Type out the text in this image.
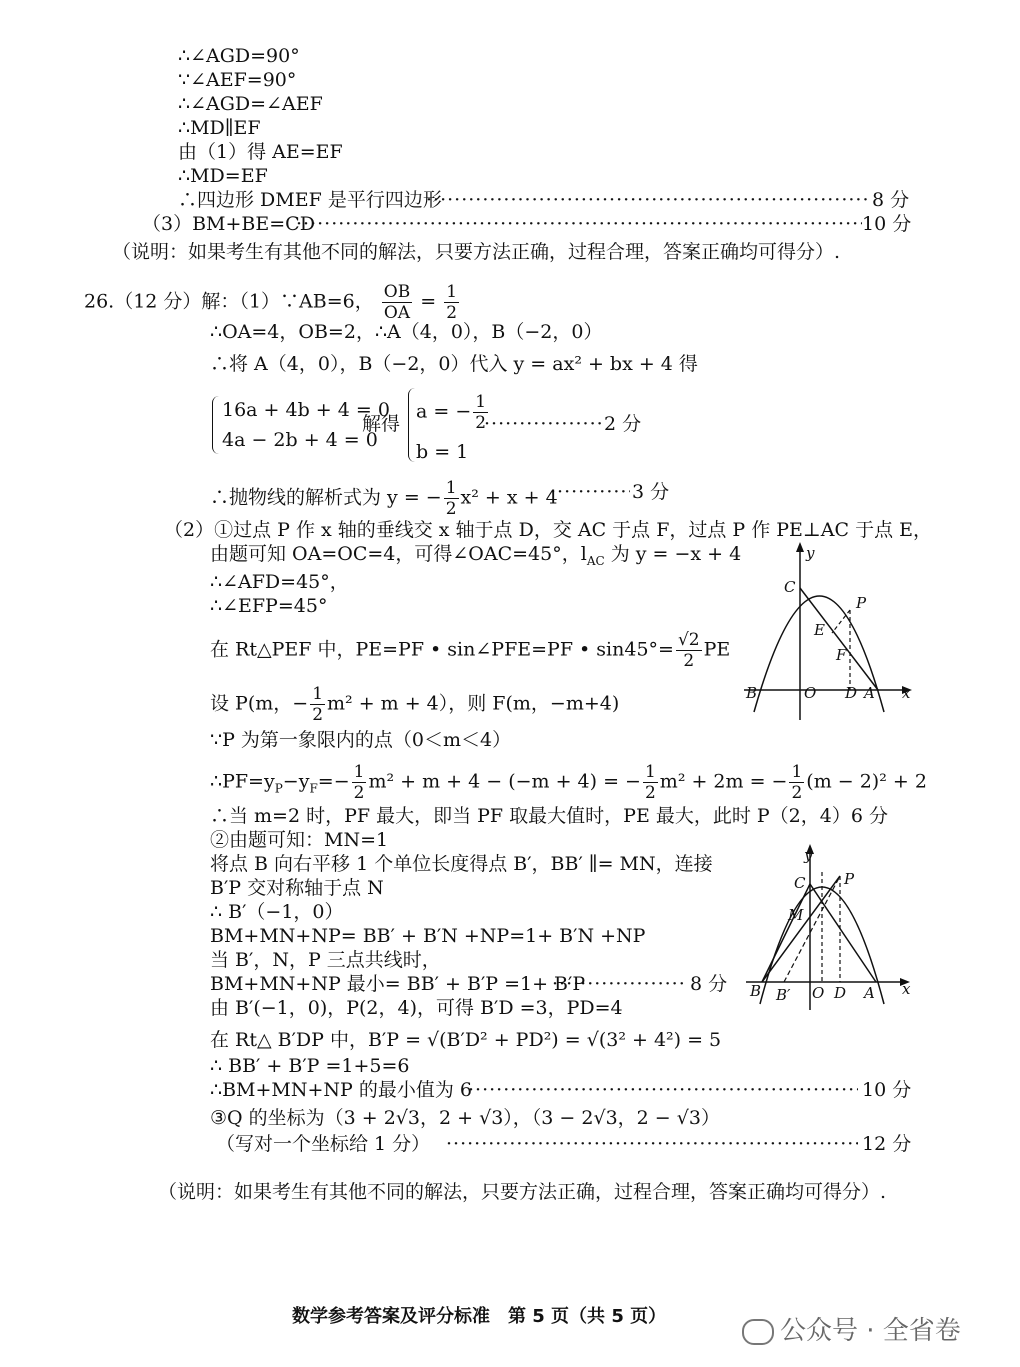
∴∠AGD=90°
∵∠AEF=90°
∴∠AGD=∠AEF
∴MD∥EF
由（1）得 AE=EF
∴MD=EF
∴四边形 DMEF 是平行四边形 ·····	8 分
（3）BM+BE=CD ·····	10 分
（说明：如果考生有其他不同的解法，只要方法正确，过程合理，答案正确均可得分）.
26.（12 分）解：（1）∵AB=6， $\frac{OB}{OA} = \frac{1}{2}$
∴OA=4，OB=2，∴A（4，0），B（−2，0）
∴将 A（4，0），B（−2，0）代入 y = ax² + bx + 4 得
16a + 4b + 4 = 0
4a − 2b + 4 = 0
解得
a = − $\frac{1}{2}$ ·····	2 分
b = 1
∴抛物线的解析式为 y = − $\frac{1}{2} x^2 + x + 4$ ·····	3 分
（2）①过点 P 作 x 轴的垂线交 x 轴于点 D，交 AC 于点 F，过点 P 作 PE⊥AC 于点 E，
由题可知 OA=OC=4，可得∠OAC=45°，$l_{AC}$ 为 y = −x + 4
∴∠AFD=45°，
∴∠EFP=45°
在 Rt△PEF 中，PE=PF • sin∠PFE=PF • $\sin 45^\circ= \frac{√2}{2}$ PE
设 P(m，− $\frac{1}{2} m^2 + m + 4$），则 F(m，−m+4)
∵P 为第一象限内的点（0＜m＜4）
$\therefore PF=y_P-y_F=- \frac{1}{2} m^2 + m + 4 - (-m + 4)$ = − $\frac{1}{2} m^2 + 2m$ = − $\frac{1}{2} (m - 2)^2 + 2$
∴当 m=2 时，PF 最大，即当 PF 取最大值时，PE 最大，此时 P（2，4）6 分
②由题可知：MN=1
将点 B 向右平移 1 个单位长度得点 B′，BB′ ∥= MN，连接
B′P 交对称轴于点 N
∴ B′（−1，0）
BM+MN+NP= BB′ + B′N +NP=1+ B′N +NP
当 B′，N，P 三点共线时，
BM+MN+NP 最小= BB′ + B′P =1+ B′P ·····	8 分
由 B′(−1，0)，P(2，4)，可得 B′D =3，PD=4
在 Rt△ B′DP 中，B′P = √(B′D² + PD²) = √(3² + 4²) = 5
∴ BB′ + B′P =1+5=6
∴BM+MN+NP 的最小值为 6 ·····	10 分
③Q 的坐标为（3 + 2√3，2 + √3），（3 − 2√3，2 − √3）
（写对一个坐标给 1 分） ·····	12 分
（说明：如果考生有其他不同的解法，只要方法正确，过程合理，答案正确均可得分）.
C
y
P
E
F
B	O D A x
C
y
P
M
B B′ O D A x
数学参考答案及评分标准　第 5 页（共 5 页）	公众号 · 全省卷
